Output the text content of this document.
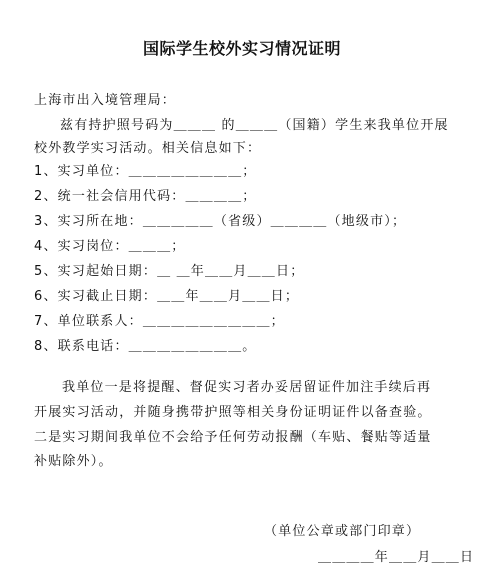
国际学生校外实习情况证明
上海市出入境管理局：
兹有持护照号码为＿＿＿ 的＿＿＿（国籍）学生来我单位开展
校外教学实习活动。相关信息如下：
1、实习单位：＿＿＿＿＿＿＿＿；
2、统一社会信用代码：＿＿＿＿；
3、实习所在地：＿＿＿＿＿（省级）＿＿＿＿（地级市）；
4、实习岗位：＿＿＿；
5、实习起始日期：＿ ＿年＿＿月＿＿日；
6、实习截止日期：＿＿年＿＿月＿＿日；
7、单位联系人：＿＿＿＿＿＿＿＿＿；
8、联系电话：＿＿＿＿＿＿＿＿。
我单位一是将提醒、督促实习者办妥居留证件加注手续后再
开展实习活动，并随身携带护照等相关身份证明证件以备查验。
二是实习期间我单位不会给予任何劳动报酬（车贴、餐贴等适量
补贴除外）。
（单位公章或部门印章）
＿＿＿＿年＿＿月＿＿日
